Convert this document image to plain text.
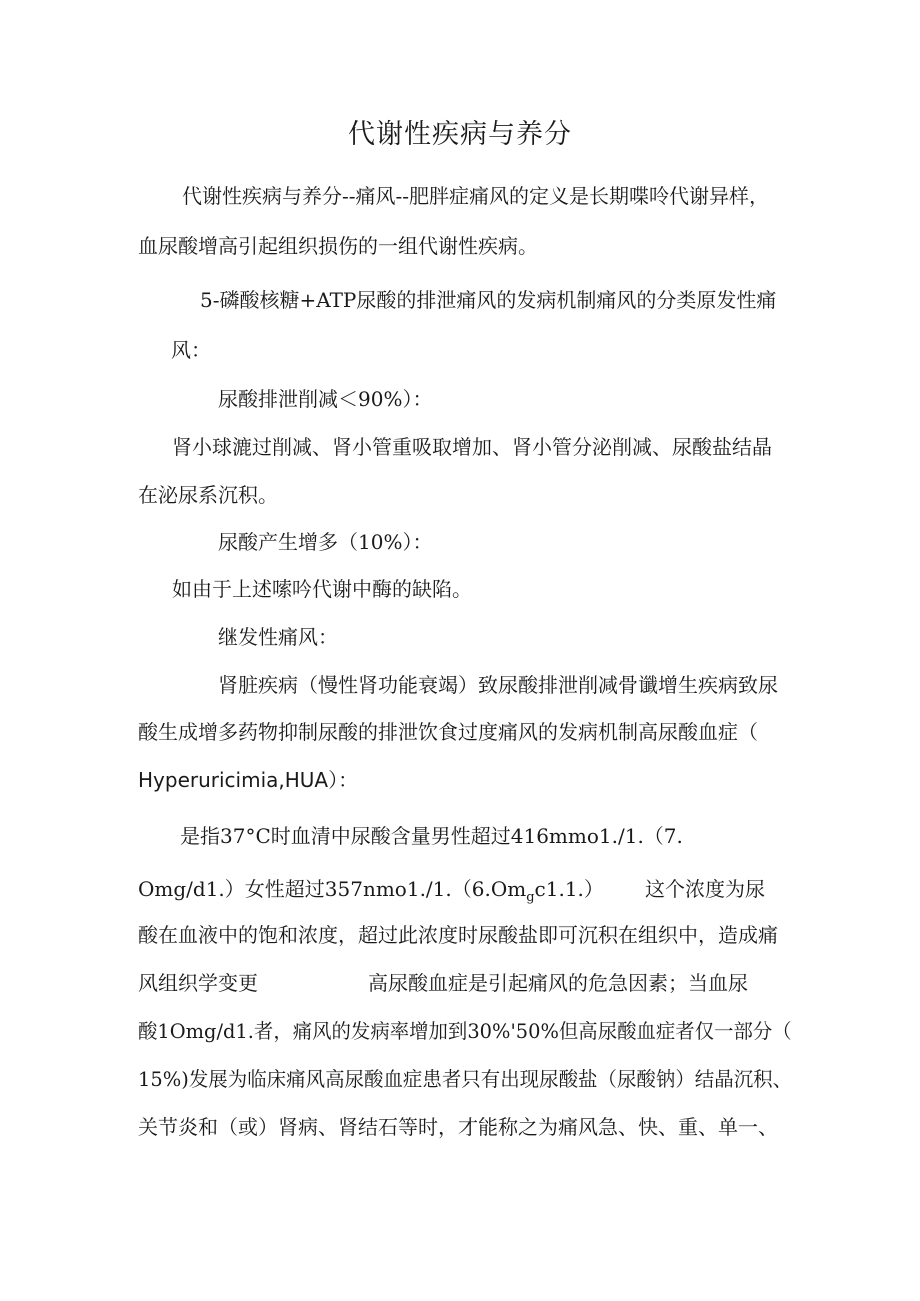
代谢性疾病与养分
代谢性疾病与养分--痛风--肥胖症痛风的定义是长期喋呤代谢异样，
血尿酸增高引起组织损伤的一组代谢性疾病。
5-磷酸核糖+ATP尿酸的排泄痛风的发病机制痛风的分类原发性痛
风：
尿酸排泄削减＜90%）：
肾小球漉过削减、肾小管重吸取增加、肾小管分泌削减、尿酸盐结晶
在泌尿系沉积。
尿酸产生增多（10%）：
如由于上述嗦吟代谢中酶的缺陷。
继发性痛风：
肾脏疾病（慢性肾功能衰竭）致尿酸排泄削减骨谶增生疾病致尿
酸生成增多药物抑制尿酸的排泄饮食过度痛风的发病机制高尿酸血症（
Hyperuricimia,HUA）：
是指37°C时血清中尿酸含量男性超过416mmo1./1.（7.
Omg/d1.）女性超过$357nmo1./1.(6.Om_gc1.1.)$ 这个浓度为尿
酸在血液中的饱和浓度，超过此浓度时尿酸盐即可沉积在组织中，造成痛
风组织学变更	高尿酸血症是引起痛风的危急因素；当血尿
酸1Omg/d1.者，痛风的发病率增加到30%'50%但高尿酸血症者仅一部分（
15%)发展为临床痛风高尿酸血症患者只有出现尿酸盐（尿酸钠）结晶沉积、
关节炎和（或）肾病、肾结石等时，才能称之为痛风急、快、重、单一、
